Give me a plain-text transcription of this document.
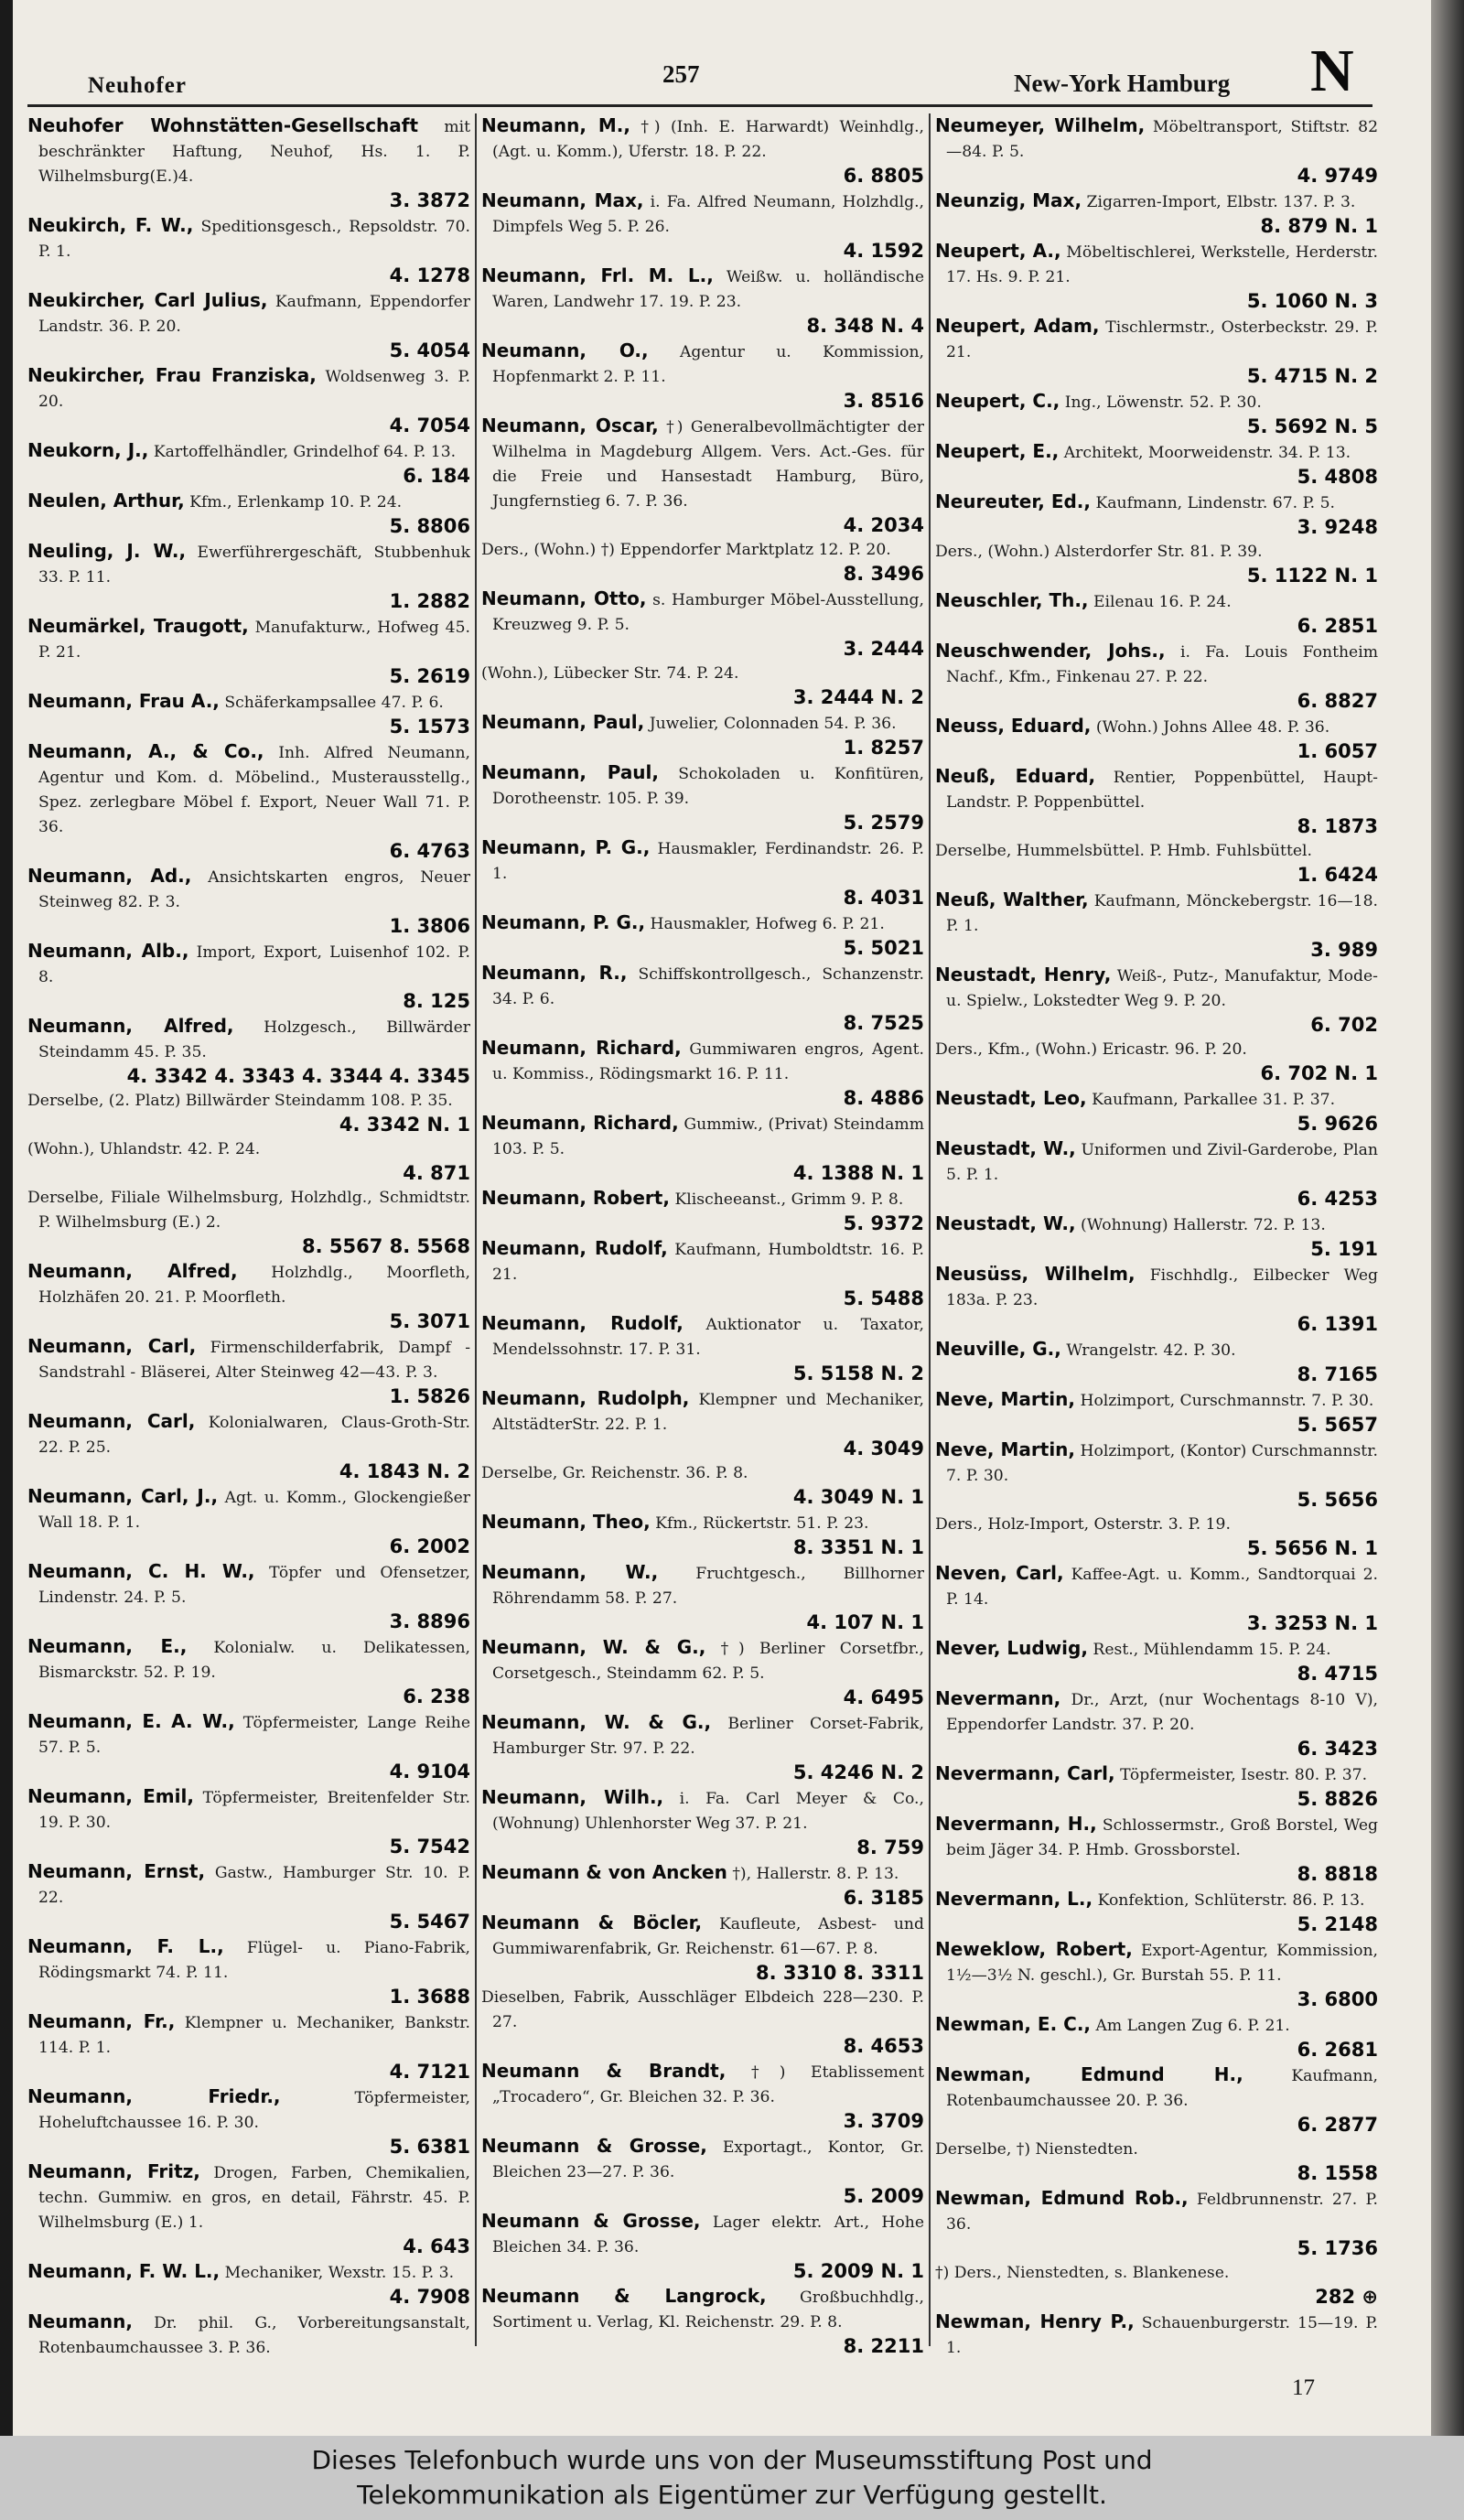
Neuhofer	257	New-York Hamburg N

Neuhofer Wohnstätten-Gesellschaft mit beschränkter Haftung, Neuhof, Hs. 1. P. Wilhelmsburg(E.)4.
3. 3872

Neukirch, F. W., Speditionsgesch., Repsoldstr. 70. P. 1.
4. 1278

Neukircher, Carl Julius, Kaufmann, Eppendorfer Landstr. 36. P. 20.
5. 4054

Neukircher, Frau Franziska, Woldsenweg 3. P. 20.
4. 7054

Neukorn, J., Kartoffelhändler, Grindelhof 64. P. 13.
6. 184

Neulen, Arthur, Kfm., Erlenkamp 10. P. 24.
5. 8806

Neuling, J. W., Ewerführergeschäft, Stubbenhuk 33. P. 11.
1. 2882

Neumärkel, Traugott, Manufakturw., Hofweg 45. P. 21.
5. 2619

Neumann, Frau A., Schäferkampsallee 47. P. 6.
5. 1573

Neumann, A., & Co., Inh. Alfred Neumann, Agentur und Kom. d. Möbelind., Musterausstellg., Spez. zerlegbare Möbel f. Export, Neuer Wall 71. P. 36.
6. 4763

Neumann, Ad., Ansichtskarten engros, Neuer Steinweg 82. P. 3.
1. 3806

Neumann, Alb., Import, Export, Luisenhof 102. P. 8.
8. 125

Neumann, Alfred, Holzgesch., Billwärder Steindamm 45. P. 35.
4. 3342 4. 3343 4. 3344 4. 3345

Derselbe, (2. Platz) Billwärder Steindamm 108. P. 35.
4. 3342 N. 1

(Wohn.), Uhlandstr. 42. P. 24.
4. 871

Derselbe, Filiale Wilhelmsburg, Holzhdlg., Schmidtstr. P. Wilhelmsburg (E.) 2.
8. 5567 8. 5568

Neumann, Alfred, Holzhdlg., Moorfleth, Holzhäfen 20. 21. P. Moorfleth.
5. 3071

Neumann, Carl, Firmenschilderfabrik, Dampf - Sandstrahl - Bläserei, Alter Steinweg 42—43. P. 3.
1. 5826

Neumann, Carl, Kolonialwaren, Claus-Groth-Str. 22. P. 25.
4. 1843 N. 2

Neumann, Carl, J., Agt. u. Komm., Glockengießer Wall 18. P. 1.
6. 2002

Neumann, C. H. W., Töpfer und Ofensetzer, Lindenstr. 24. P. 5.
3. 8896

Neumann, E., Kolonialw. u. Delikatessen, Bismarckstr. 52. P. 19.
6. 238

Neumann, E. A. W., Töpfermeister, Lange Reihe 57. P. 5.
4. 9104

Neumann, Emil, Töpfermeister, Breitenfelder Str. 19. P. 30.
5. 7542

Neumann, Ernst, Gastw., Hamburger Str. 10. P. 22.
5. 5467

Neumann, F. L., Flügel- u. Piano-Fabrik, Rödingsmarkt 74. P. 11.
1. 3688

Neumann, Fr., Klempner u. Mechaniker, Bankstr. 114. P. 1.
4. 7121

Neumann, Friedr.,	Töpfermeister, Hoheluftchaussee 16. P. 30.
5. 6381

Neumann, Fritz, Drogen, Farben, Chemikalien, techn. Gummiw. en gros, en detail, Fährstr. 45. P. Wilhelmsburg (E.) 1.
4. 643

Neumann, F. W. L., Mechaniker, Wexstr. 15. P. 3.
4. 7908

Neumann, Dr. phil. G., Vorbereitungsanstalt, Rotenbaumchaussee 3. P. 36.

Neumann, M., †) (Inh. E. Harwardt) Weinhdlg., (Agt. u. Komm.), Uferstr. 18. P. 22.
6. 8805

Neumann, Max, i. Fa. Alfred Neumann, Holzhdlg., Dimpfels Weg 5. P. 26.
4. 1592

Neumann, Frl. M. L., Weißw. u. holländische Waren, Landwehr 17. 19. P. 23.
8. 348 N. 4

Neumann, O., Agentur u. Kommission, Hopfenmarkt 2. P. 11.
3. 8516

Neumann, Oscar, †) Generalbevollmächtigter der Wilhelma in Magdeburg Allgem. Vers. Act.-Ges. für die Freie und Hansestadt Hamburg, Büro, Jungfernstieg 6. 7. P. 36.
4. 2034

Ders., (Wohn.) †) Eppendorfer Marktplatz 12. P. 20.
8. 3496

Neumann, Otto, s. Hamburger Möbel-Ausstellung, Kreuzweg 9. P. 5.
3. 2444

(Wohn.), Lübecker Str. 74. P. 24.
3. 2444 N. 2

Neumann, Paul, Juwelier, Colonnaden 54. P. 36.
1. 8257

Neumann, Paul, Schokoladen u. Konfitüren, Dorotheenstr. 105. P. 39.
5. 2579

Neumann, P. G., Hausmakler, Ferdinandstr. 26. P. 1.
8. 4031

Neumann, P. G., Hausmakler, Hofweg 6. P. 21.
5. 5021

Neumann, R., Schiffskontrollgesch., Schanzenstr. 34. P. 6.
8. 7525

Neumann, Richard, Gummiwaren engros, Agent. u. Kommiss., Rödingsmarkt 16. P. 11.
8. 4886

Neumann, Richard, Gummiw., (Privat) Steindamm 103. P. 5.
4. 1388 N. 1

Neumann, Robert, Klischeeanst., Grimm 9. P. 8.
5. 9372

Neumann, Rudolf, Kaufmann, Humboldtstr. 16. P. 21.
5. 5488

Neumann, Rudolf, Auktionator u. Taxator, Mendelssohnstr. 17. P. 31.
5. 5158 N. 2

Neumann, Rudolph, Klempner und Mechaniker, AltstädterStr. 22. P. 1.
4. 3049

Derselbe, Gr. Reichenstr. 36. P. 8.
4. 3049 N. 1

Neumann, Theo, Kfm., Rückertstr. 51. P. 23.
8. 3351 N. 1

Neumann, W., Fruchtgesch., Billhorner Röhrendamm 58. P. 27.
4. 107 N. 1

Neumann, W. & G., †) Berliner Corsetfbr., Corsetgesch., Steindamm 62. P. 5.
4. 6495

Neumann, W. & G., Berliner Corset-Fabrik, Hamburger Str. 97. P. 22.
5. 4246 N. 2

Neumann, Wilh., i. Fa. Carl Meyer & Co., (Wohnung) Uhlenhorster Weg 37. P. 21.
8. 759

Neumann & von Ancken †), Hallerstr. 8. P. 13.
6. 3185

Neumann & Böcler, Kaufleute, Asbest- und Gummiwarenfabrik, Gr. Reichenstr. 61—67. P. 8.
8. 3310 8. 3311

Dieselben, Fabrik, Ausschläger Elbdeich 228—230. P. 27.
8. 4653

Neumann & Brandt, †) Etablissement „Trocadero“, Gr. Bleichen 32. P. 36.
3. 3709

Neumann & Grosse, Exportagt., Kontor, Gr. Bleichen 23—27. P. 36.
5. 2009

Neumann & Grosse, Lager elektr. Art., Hohe Bleichen 34. P. 36.
5. 2009 N. 1

Neumann & Langrock, Großbuchhdlg., Sortiment u. Verlag, Kl. Reichenstr. 29. P. 8.
8. 2211

Neumeyer, Wilhelm, Möbeltransport, Stiftstr. 82—84. P. 5.
4. 9749

Neunzig, Max, Zigarren-Import, Elbstr. 137. P. 3.
8. 879 N. 1

Neupert, A., Möbeltischlerei, Werkstelle, Herderstr. 17. Hs. 9. P. 21.
5. 1060 N. 3

Neupert, Adam, Tischlermstr., Osterbeckstr. 29. P. 21.
5. 4715 N. 2

Neupert, C., Ing., Löwenstr. 52. P. 30.
5. 5692 N. 5

Neupert, E., Architekt, Moorweidenstr. 34. P. 13.
5. 4808

Neureuter, Ed., Kaufmann, Lindenstr. 67. P. 5.
3. 9248

Ders., (Wohn.) Alsterdorfer Str. 81. P. 39.
5. 1122 N. 1

Neuschler, Th., Eilenau 16. P. 24.
6. 2851

Neuschwender, Johs., i. Fa. Louis Fontheim Nachf., Kfm., Finkenau 27. P. 22.
6. 8827

Neuss, Eduard, (Wohn.) Johns Allee 48. P. 36.
1. 6057

Neuß, Eduard, Rentier, Poppenbüttel, Haupt-Landstr. P. Poppenbüttel.
8. 1873

Derselbe, Hummelsbüttel. P. Hmb. Fuhlsbüttel.
1. 6424

Neuß, Walther, Kaufmann, Mönckebergstr. 16—18. P. 1.
3. 989

Neustadt, Henry, Weiß-, Putz-, Manufaktur, Mode- u. Spielw., Lokstedter Weg 9. P. 20.
6. 702

Ders., Kfm., (Wohn.) Ericastr. 96. P. 20.
6. 702 N. 1

Neustadt, Leo, Kaufmann, Parkallee 31. P. 37.
5. 9626

Neustadt, W., Uniformen und Zivil-Garderobe, Plan 5. P. 1.
6. 4253

Neustadt, W., (Wohnung) Hallerstr. 72. P. 13.
5. 191

Neusüss, Wilhelm, Fischhdlg., Eilbecker Weg 183a. P. 23.
6. 1391

Neuville, G., Wrangelstr. 42. P. 30.
8. 7165

Neve, Martin, Holzimport, Curschmannstr. 7. P. 30.
5. 5657

Neve, Martin, Holzimport, (Kontor) Curschmannstr. 7. P. 30.
5. 5656

Ders., Holz-Import, Osterstr. 3. P. 19.
5. 5656 N. 1

Neven, Carl, Kaffee-Agt. u. Komm., Sandtorquai 2. P. 14.
3. 3253 N. 1

Never, Ludwig, Rest., Mühlendamm 15. P. 24.
8. 4715

Nevermann, Dr., Arzt, (nur Wochentags 8-10 V), Eppendorfer Landstr. 37. P. 20.
6. 3423

Nevermann, Carl, Töpfermeister, Isestr. 80. P. 37.
5. 8826

Nevermann, H., Schlossermstr., Groß Borstel, Weg beim Jäger 34. P. Hmb. Grossborstel.
8. 8818

Nevermann, L., Konfektion, Schlüterstr. 86. P. 13.
5. 2148

Neweklow, Robert, Export-Agentur, Kommission, 1½—3½ N. geschl.), Gr. Burstah 55. P. 11.
3. 6800

Newman, E. C., Am Langen Zug 6. P. 21.
6. 2681

Newman, Edmund H.,	Kaufmann, Rotenbaumchaussee 20. P. 36.
6. 2877

Derselbe, †) Nienstedten.
8. 1558

Newman, Edmund Rob., Feldbrunnenstr. 27. P. 36.
5. 1736

†) Ders., Nienstedten, s. Blankenese.
282 ⊕

Newman, Henry P., Schauenburgerstr. 15—19. P. 1.

17
Dieses Telefonbuch wurde uns von der Museumsstiftung Post und
Telekommunikation als Eigentümer zur Verfügung gestellt.
